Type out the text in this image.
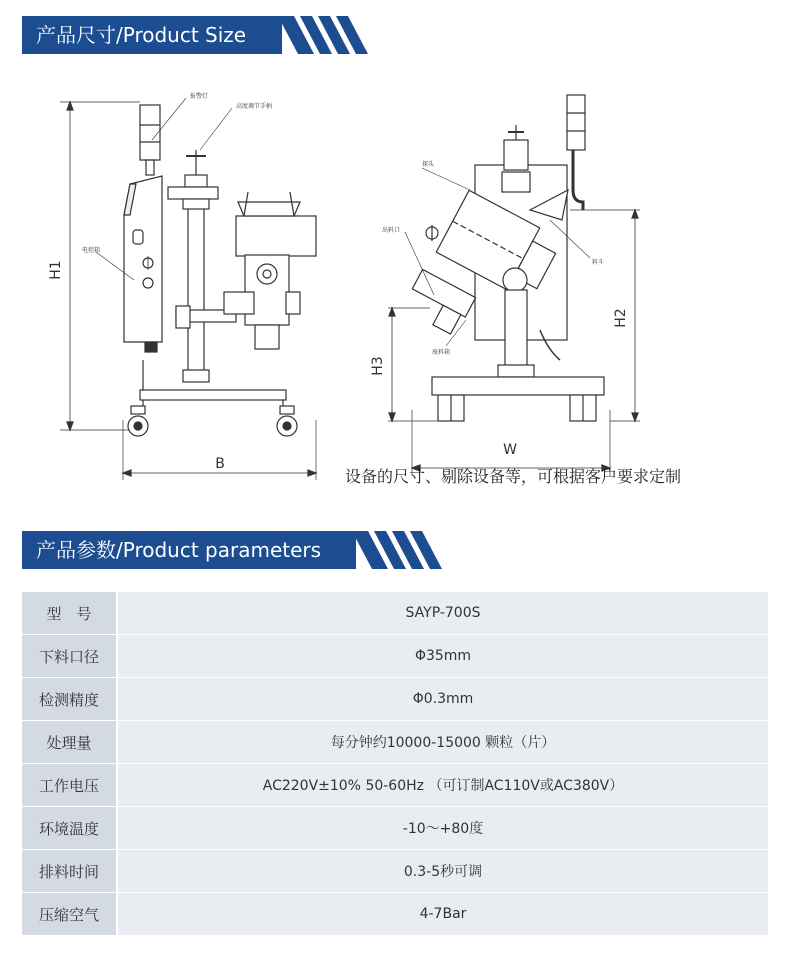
产品尺寸/Product Size
报警灯
高度调节手柄
电控箱
探头
出料口
料斗
废料箱
H1
H2
H3
B
W
设备的尺寸、剔除设备等，可根据客户要求定制
产品参数/Product parameters
型　号	SAYP-700S
下料口径	Φ35mm
检测精度	Φ0.3mm
处理量	每分钟约10000-15000 颗粒（片）
工作电压	AC220V±10% 50-60Hz （可订制AC110V或AC380V）
环境温度	-10～+80度
排料时间	0.3-5秒可调
压缩空气	4-7Bar
